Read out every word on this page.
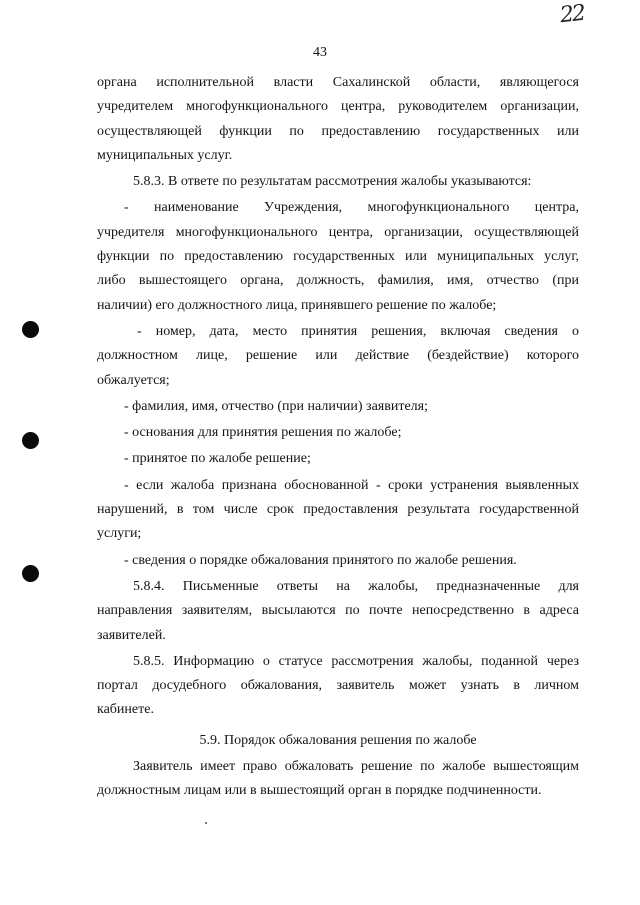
22
43

органа исполнительной власти Сахалинской области, являющегося

учредителем многофункционального центра, руководителем организации,

осуществляющей функции по предоставлению государственных или

муниципальных услуг.

5.8.3. В ответе по результатам рассмотрения жалобы указываются:

- наименование Учреждения, многофункционального центра,

учредителя многофункционального центра, организации, осуществляющей

функции по предоставлению государственных или муниципальных услуг,

либо вышестоящего органа, должность, фамилия, имя, отчество (при

наличии) его должностного лица, принявшего решение по жалобе;

- номер, дата, место принятия решения, включая сведения о

должностном лице, решение или действие (бездействие) которого

обжалуется;

- фамилия, имя, отчество (при наличии) заявителя;

- основания для принятия решения по жалобе;

- принятое по жалобе решение;

- если жалоба признана обоснованной - сроки устранения выявленных

нарушений, в том числе срок предоставления результата государственной

услуги;

- сведения о порядке обжалования принятого по жалобе решения.

5.8.4. Письменные ответы на жалобы, предназначенные для

направления заявителям, высылаются по почте непосредственно в адреса

заявителей.

5.8.5. Информацию о статусе рассмотрения жалобы, поданной через

портал досудебного обжалования, заявитель может узнать в личном

кабинете.

5.9. Порядок обжалования решения по жалобе

Заявитель имеет право обжаловать решение по жалобе вышестоящим

должностным лицам или в вышестоящий орган в порядке подчиненности.
